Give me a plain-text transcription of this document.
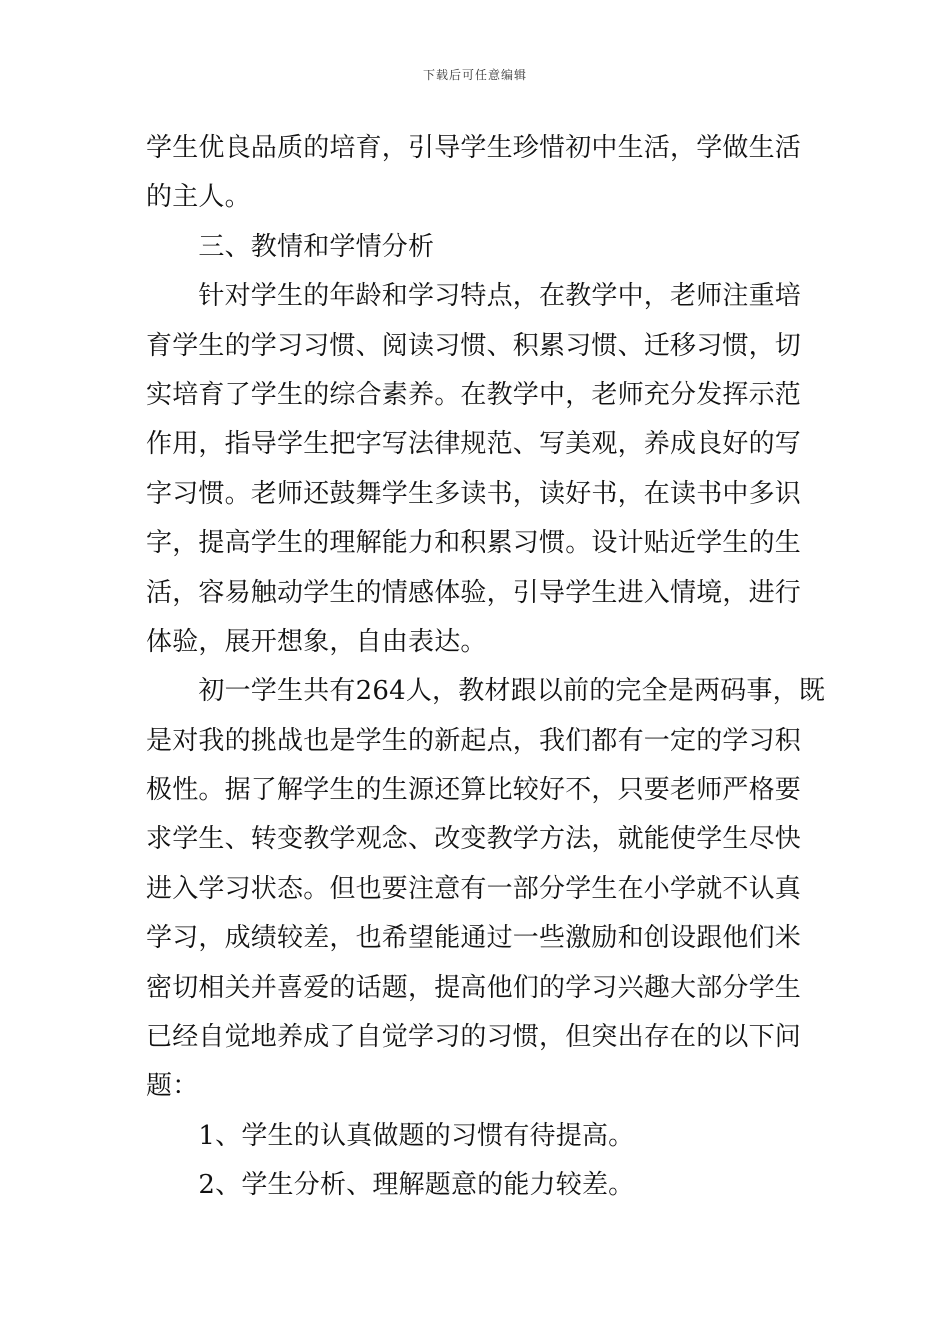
下载后可任意编辑
学生优良品质的培育，引导学生珍惜初中生活，学做生活
的主人。
　　三、教情和学情分析
　　针对学生的年龄和学习特点，在教学中，老师注重培
育学生的学习习惯、阅读习惯、积累习惯、迁移习惯，切
实培育了学生的综合素养。在教学中，老师充分发挥示范
作用，指导学生把字写法律规范、写美观，养成良好的写
字习惯。老师还鼓舞学生多读书，读好书，在读书中多识
字，提高学生的理解能力和积累习惯。设计贴近学生的生
活，容易触动学生的情感体验，引导学生进入情境，进行
体验，展开想象，自由表达。
　　初一学生共有264人，教材跟以前的完全是两码事，既
是对我的挑战也是学生的新起点，我们都有一定的学习积
极性。据了解学生的生源还算比较好不，只要老师严格要
求学生、转变教学观念、改变教学方法，就能使学生尽快
进入学习状态。但也要注意有一部分学生在小学就不认真
学习，成绩较差，也希望能通过一些激励和创设跟他们米
密切相关并喜爱的话题，提高他们的学习兴趣大部分学生
已经自觉地养成了自觉学习的习惯，但突出存在的以下问
题：
　　1、学生的认真做题的习惯有待提高。
　　2、学生分析、理解题意的能力较差。
